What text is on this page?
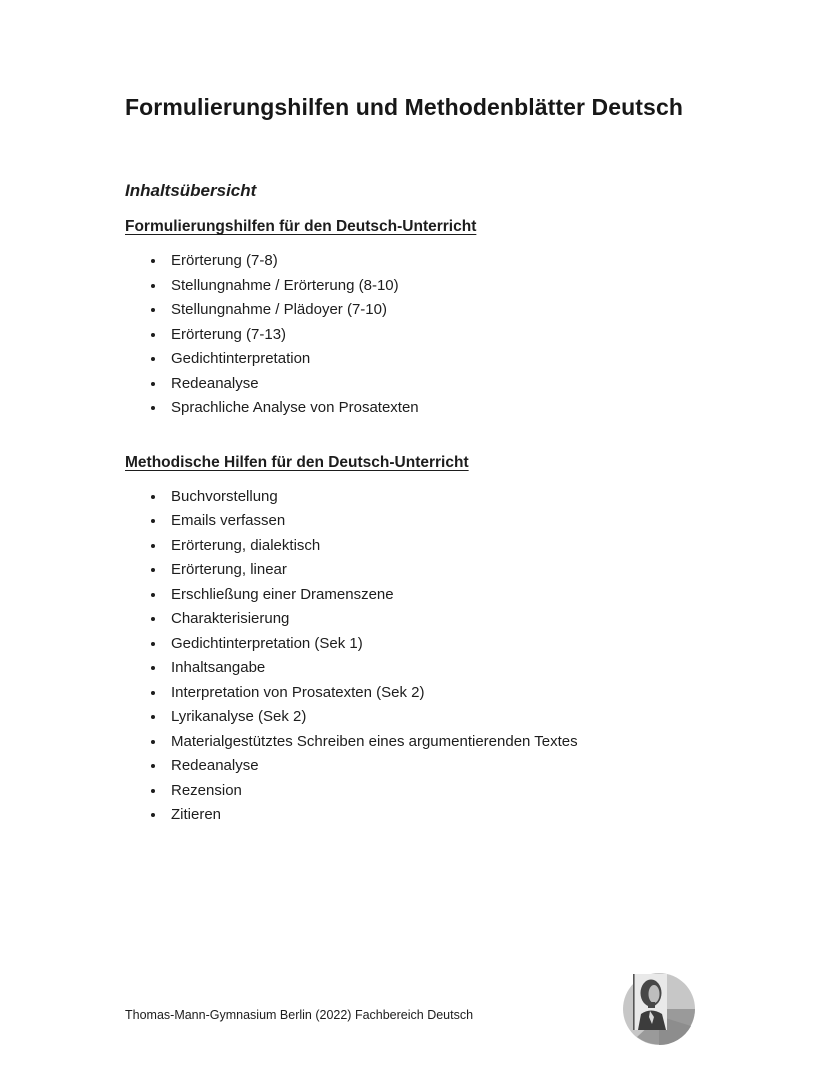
Formulierungshilfen und Methodenblätter Deutsch
Inhaltsübersicht
Formulierungshilfen für den Deutsch-Unterricht
• Erörterung (7-8)
• Stellungnahme / Erörterung (8-10)
• Stellungnahme / Plädoyer (7-10)
• Erörterung (7-13)
• Gedichtinterpretation
• Redeanalyse
• Sprachliche Analyse von Prosatexten
Methodische Hilfen für den Deutsch-Unterricht
• Buchvorstellung
• Emails verfassen
• Erörterung, dialektisch
• Erörterung, linear
• Erschließung einer Dramenszene
• Charakterisierung
• Gedichtinterpretation (Sek 1)
• Inhaltsangabe
• Interpretation von Prosatexten (Sek 2)
• Lyrikanalyse (Sek 2)
• Materialgestütztes Schreiben eines argumentierenden Textes
• Redeanalyse
• Rezension
• Zitieren
Thomas-Mann-Gymnasium Berlin (2022) Fachbereich Deutsch
